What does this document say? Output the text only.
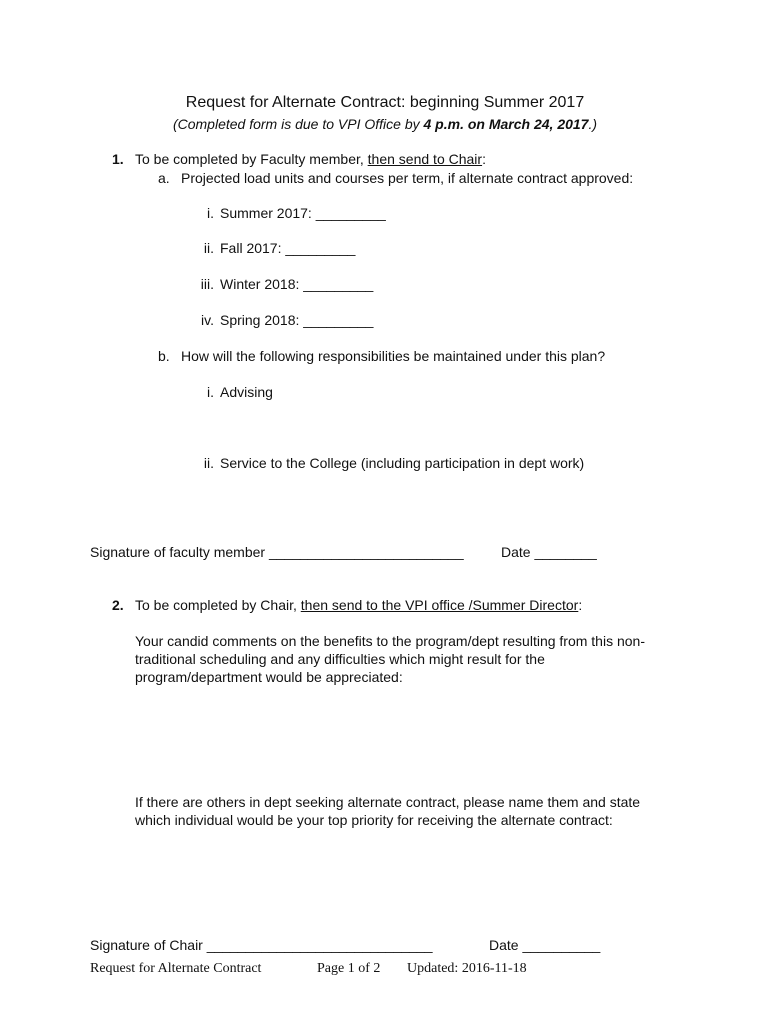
Request for Alternate Contract: beginning Summer 2017
(Completed form is due to VPI Office by 4 p.m. on March 24, 2017.)
1. To be completed by Faculty member, then send to Chair:
a. Projected load units and courses per term, if alternate contract approved:
i. Summer 2017: _________
ii. Fall 2017: _________
iii. Winter 2018: _________
iv. Spring 2018: _________
b. How will the following responsibilities be maintained under this plan?
i. Advising
ii. Service to the College (including participation in dept work)
Signature of faculty member _________________________	Date ________
2. To be completed by Chair, then send to the VPI office /Summer Director:
Your candid comments on the benefits to the program/dept resulting from this non-traditional scheduling and any difficulties which might result for the program/department would be appreciated:
If there are others in dept seeking alternate contract, please name them and state which individual would be your top priority for receiving the alternate contract:
Signature of Chair _____________________________	Date __________
Request for Alternate Contract	Page 1 of 2 Updated: 2016-11-18
